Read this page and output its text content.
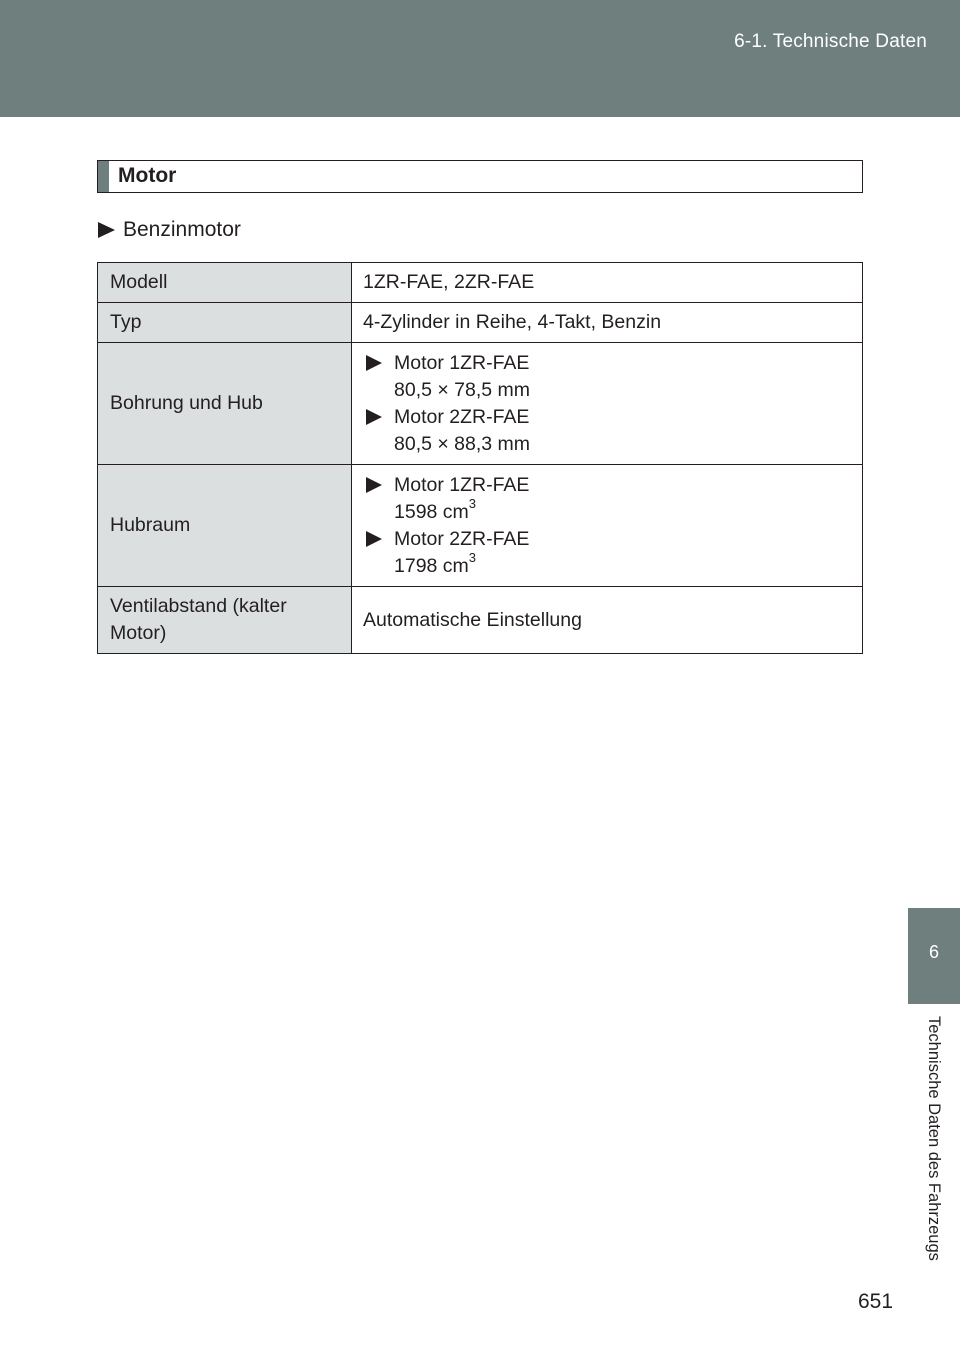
6-1. Technische Daten
6
Technische Daten des Fahrzeugs
Motor
Benzinmotor
Modell	1ZR-FAE, 2ZR-FAE
Typ	4-Zylinder in Reihe, 4-Takt, Benzin
Bohrung und Hub	Motor 1ZR-FAE
80,5 × 78,5 mm
Motor 2ZR-FAE
80,5 × 88,3 mm

Hubraum	Motor 1ZR-FAE
1598 $cm^3$
Motor 2ZR-FAE
1798 $cm^3$

Ventilabstand (kalter Motor)	Automatische Einstellung
651
